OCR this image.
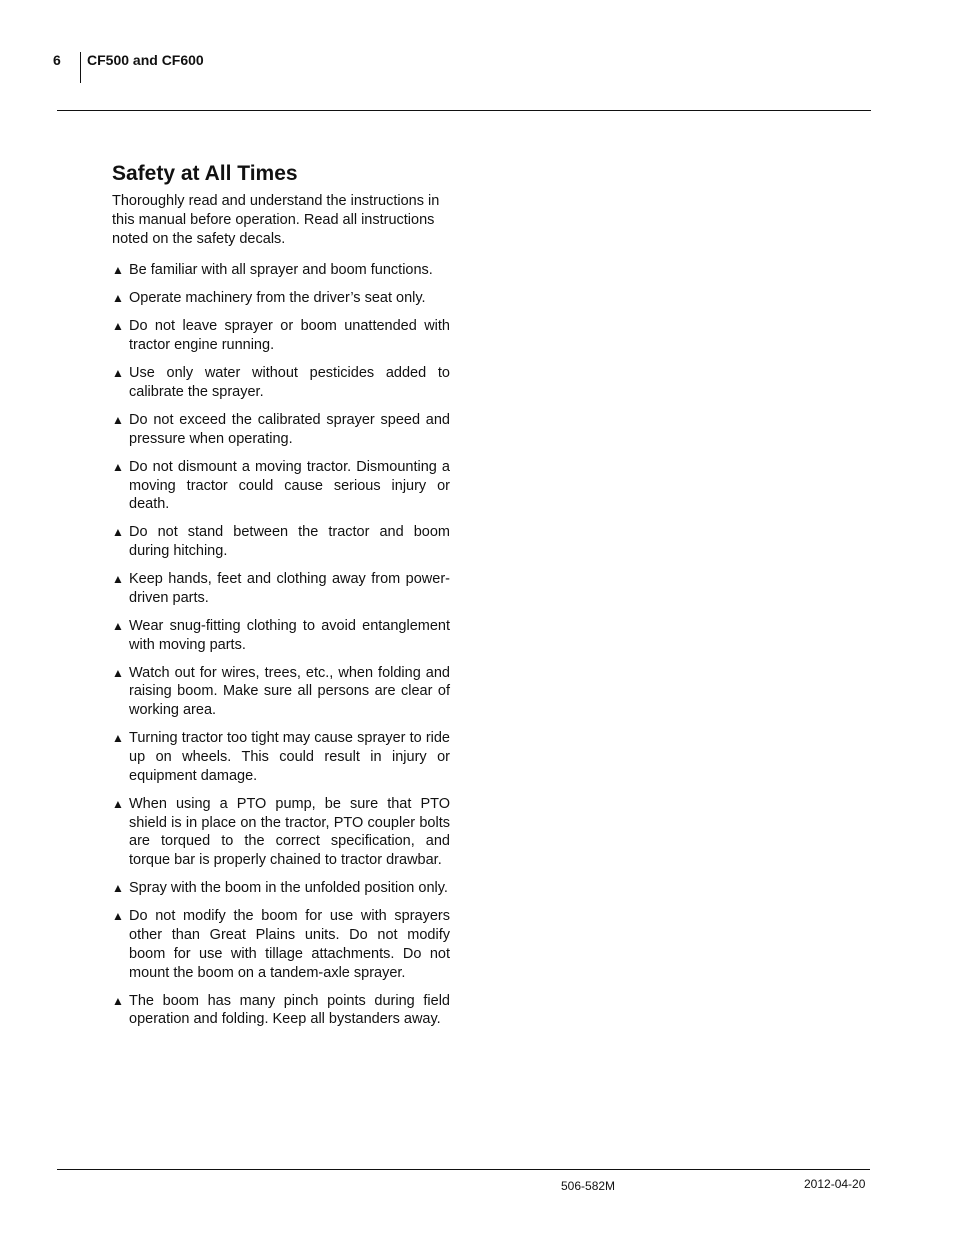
6 CF500 and CF600
Safety at All Times

Thoroughly read and understand the instructions in this manual before operation. Read all instructions noted on the safety decals.

▲ Be familiar with all sprayer and boom functions.
▲ Operate machinery from the driver’s seat only.
▲ Do not leave sprayer or boom unattended with tractor engine running.
▲ Use only water without pesticides added to calibrate the sprayer.
▲ Do not exceed the calibrated sprayer speed and pressure when operating.
▲ Do not dismount a moving tractor. Dismounting a moving tractor could cause serious injury or death.
▲ Do not stand between the tractor and boom during hitching.
▲ Keep hands, feet and clothing away from power-driven parts.
▲ Wear snug-fitting clothing to avoid entanglement with moving parts.
▲ Watch out for wires, trees, etc., when folding and raising boom. Make sure all persons are clear of working area.
▲ Turning tractor too tight may cause sprayer to ride up on wheels. This could result in injury or equipment damage.
▲ When using a PTO pump, be sure that PTO shield is in place on the tractor, PTO coupler bolts are torqued to the correct specification, and torque bar is properly chained to tractor drawbar.
▲ Spray with the boom in the unfolded position only.
▲ Do not modify the boom for use with sprayers other than Great Plains units. Do not modify boom for use with tillage attachments. Do not mount the boom on a tandem-axle sprayer.
▲ The boom has many pinch points during field operation and folding. Keep all bystanders away.
506-582M	2012-04-20
